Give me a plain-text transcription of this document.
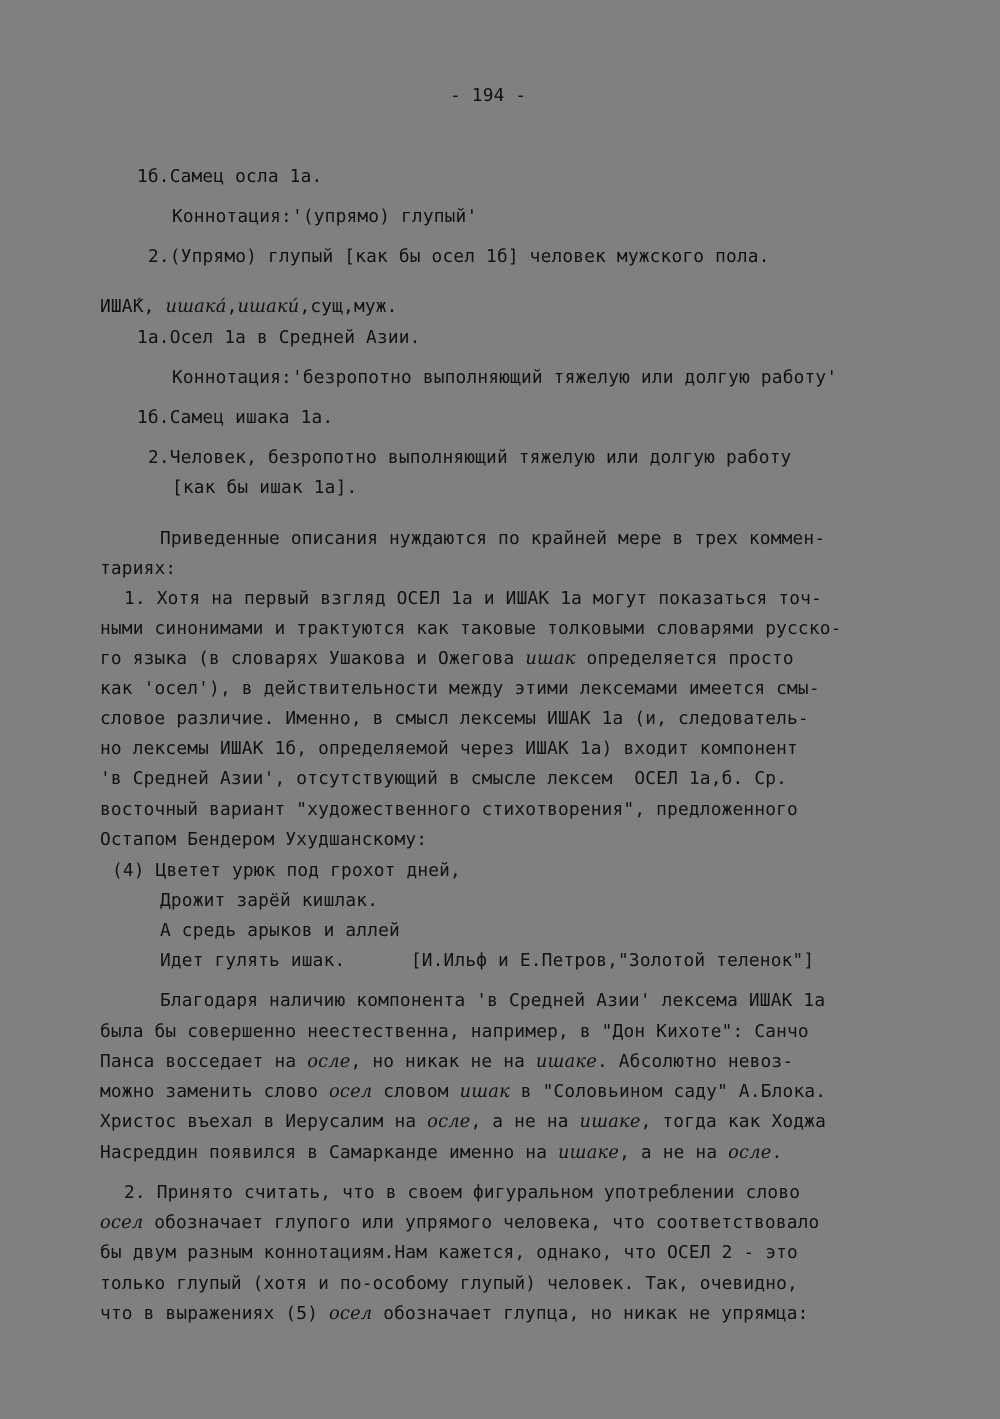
- 194 -
1б.Самец осла 1а.
Коннотация:'(упрямо) глупый'
2.(Упрямо) глупый [как бы осел 1б] человек мужского пола.
ИША́К, ишака́,ишаки́,сущ,муж.
1а.Осел 1а в Средней Азии.
Коннотация:'безропотно выполняющий тяжелую или долгую работу'
1б.Самец ишака 1а.
2.Человек, безропотно выполняющий тяжелую или долгую работу
[как бы ишак 1а].
Приведенные описания нуждаются по крайней мере в трех коммен-
тариях:
1. Хотя на первый взгляд ОСЕЛ 1а и ИШАК 1а могут показаться точ-
ными синонимами и трактуются как таковые толковыми словарями русско-
го языка (в словарях Ушакова и Ожегова ишак определяется просто
как 'осел'), в действительности между этими лексемами имеется смы-
словое различие. Именно, в смысл лексемы ИШАК 1а (и, следователь-
но лексемы ИШАК 1б, определяемой через ИШАК 1а) входит компонент
'в Средней Азии', отсутствующий в смысле лексем  ОСЕЛ 1а,б. Ср.
восточный вариант "художественного стихотворения", предложенного
Остапом Бендером Ухудшанскому:
(4) Цветет урюк под грохот дней,
Дрожит зарёй кишлак.
А средь арыков и аллей
Идет гулять ишак.      [И.Ильф и Е.Петров,"Золотой теленок"]
Благодаря наличию компонента 'в Средней Азии' лексема ИШАК 1а
была бы совершенно неестественна, например, в "Дон Кихоте": Санчо
Панса восседает на осле, но никак не на ишаке. Абсолютно невоз-
можно заменить слово осел словом ишак в "Соловьином саду" А.Блока.
Христос въехал в Иерусалим на осле, а не на ишаке, тогда как Ходжа
Насреддин появился в Самарканде именно на ишаке, а не на осле.
2. Принято считать, что в своем фигуральном употреблении слово
осел обозначает глупого или упрямого человека, что соответствовало
бы двум разным коннотациям.Нам кажется, однако, что ОСЕЛ 2 - это
только глупый (хотя и по-особому глупый) человек. Так, очевидно,
что в выражениях (5) осел обозначает глупца, но никак не упрямца:
